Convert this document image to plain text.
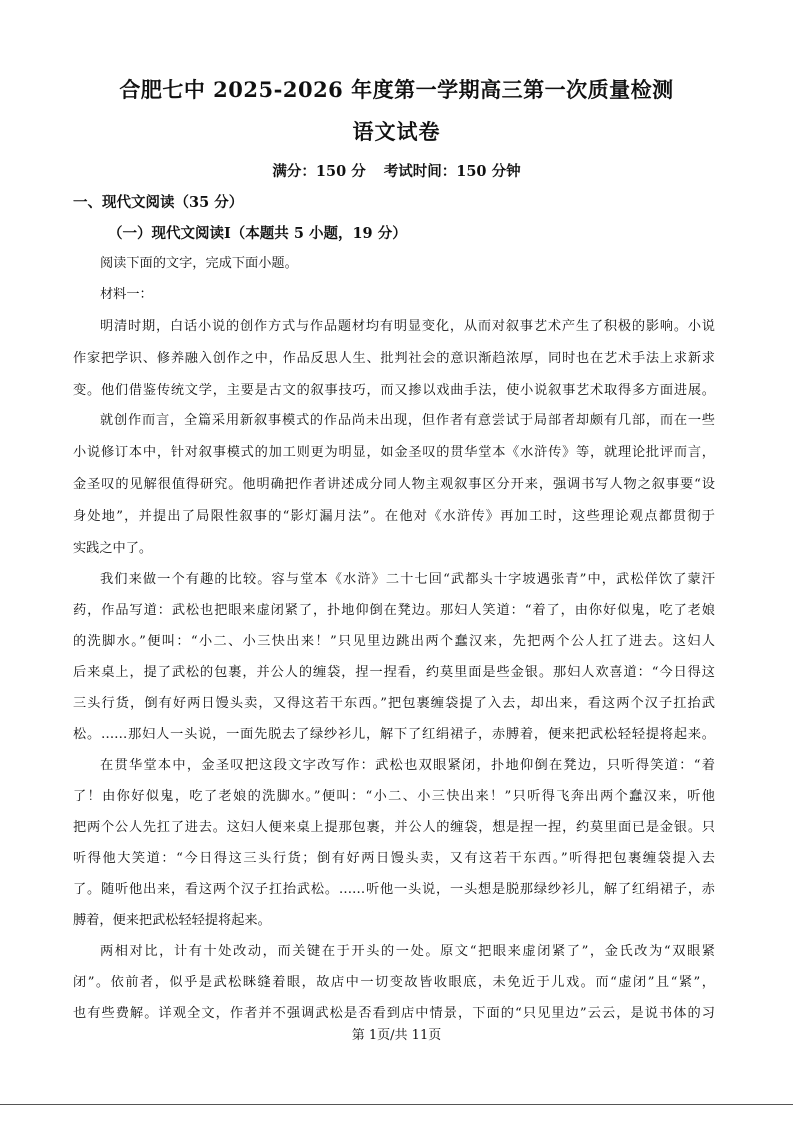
合肥七中 2025-2026 年度第一学期高三第一次质量检测
语文试卷
满分：150 分 考试时间：150 分钟
一、现代文阅读（35 分）
（一）现代文阅读Ⅰ（本题共 5 小题，19 分）
阅读下面的文字，完成下面小题。
材料一：
明清时期，白话小说的创作方式与作品题材均有明显变化，从而对叙事艺术产生了积极的影响。小说
作家把学识、修养融入创作之中，作品反思人生、批判社会的意识渐趋浓厚，同时也在艺术手法上求新求
变。他们借鉴传统文学，主要是古文的叙事技巧，而又掺以戏曲手法，使小说叙事艺术取得多方面进展。
就创作而言，全篇采用新叙事模式的作品尚未出现，但作者有意尝试于局部者却颇有几部，而在一些
小说修订本中，针对叙事模式的加工则更为明显，如金圣叹的贯华堂本《水浒传》等，就理论批评而言，
金圣叹的见解很值得研究。他明确把作者讲述成分同人物主观叙事区分开来，强调书写人物之叙事要“设
身处地”，并提出了局限性叙事的“影灯漏月法”。在他对《水浒传》再加工时，这些理论观点都贯彻于
实践之中了。
我们来做一个有趣的比较。容与堂本《水浒》二十七回“武都头十字坡遇张青”中，武松佯饮了蒙汗
药，作品写道：武松也把眼来虚闭紧了，扑地仰倒在凳边。那妇人笑道：“着了，由你好似鬼，吃了老娘
的洗脚水。”便叫：“小二、小三快出来！”只见里边跳出两个蠢汉来，先把两个公人扛了进去。这妇人
后来桌上，提了武松的包裹，并公人的缠袋，捏一捏看，约莫里面是些金银。那妇人欢喜道：“今日得这
三头行货，倒有好两日馒头卖，又得这若干东西。”把包裹缠袋提了入去，却出来，看这两个汉子扛抬武
松。……那妇人一头说，一面先脱去了绿纱衫儿，解下了红绢裙子，赤膊着，便来把武松轻轻提将起来。
在贯华堂本中，金圣叹把这段文字改写作：武松也双眼紧闭，扑地仰倒在凳边，只听得笑道：“着
了！由你好似鬼，吃了老娘的洗脚水。”便叫：“小二、小三快出来！”只听得飞奔出两个蠢汉来，听他
把两个公人先扛了进去。这妇人便来桌上提那包裹，并公人的缠袋，想是捏一捏，约莫里面已是金银。只
听得他大笑道：“今日得这三头行货；倒有好两日馒头卖，又有这若干东西。”听得把包裹缠袋提入去
了。随听他出来，看这两个汉子扛抬武松。……听他一头说，一头想是脱那绿纱衫儿，解了红绢裙子，赤
膊着，便来把武松轻轻提将起来。
两相对比，计有十处改动，而关键在于开头的一处。原文“把眼来虚闭紧了”，金氏改为“双眼紧
闭”。依前者，似乎是武松眯缝着眼，故店中一切变故皆收眼底，未免近于儿戏。而“虚闭”且“紧”，
也有些费解。详观全文，作者并不强调武松是否看到店中情景，下面的“只见里边”云云，是说书体的习
第 1页/共 11页
